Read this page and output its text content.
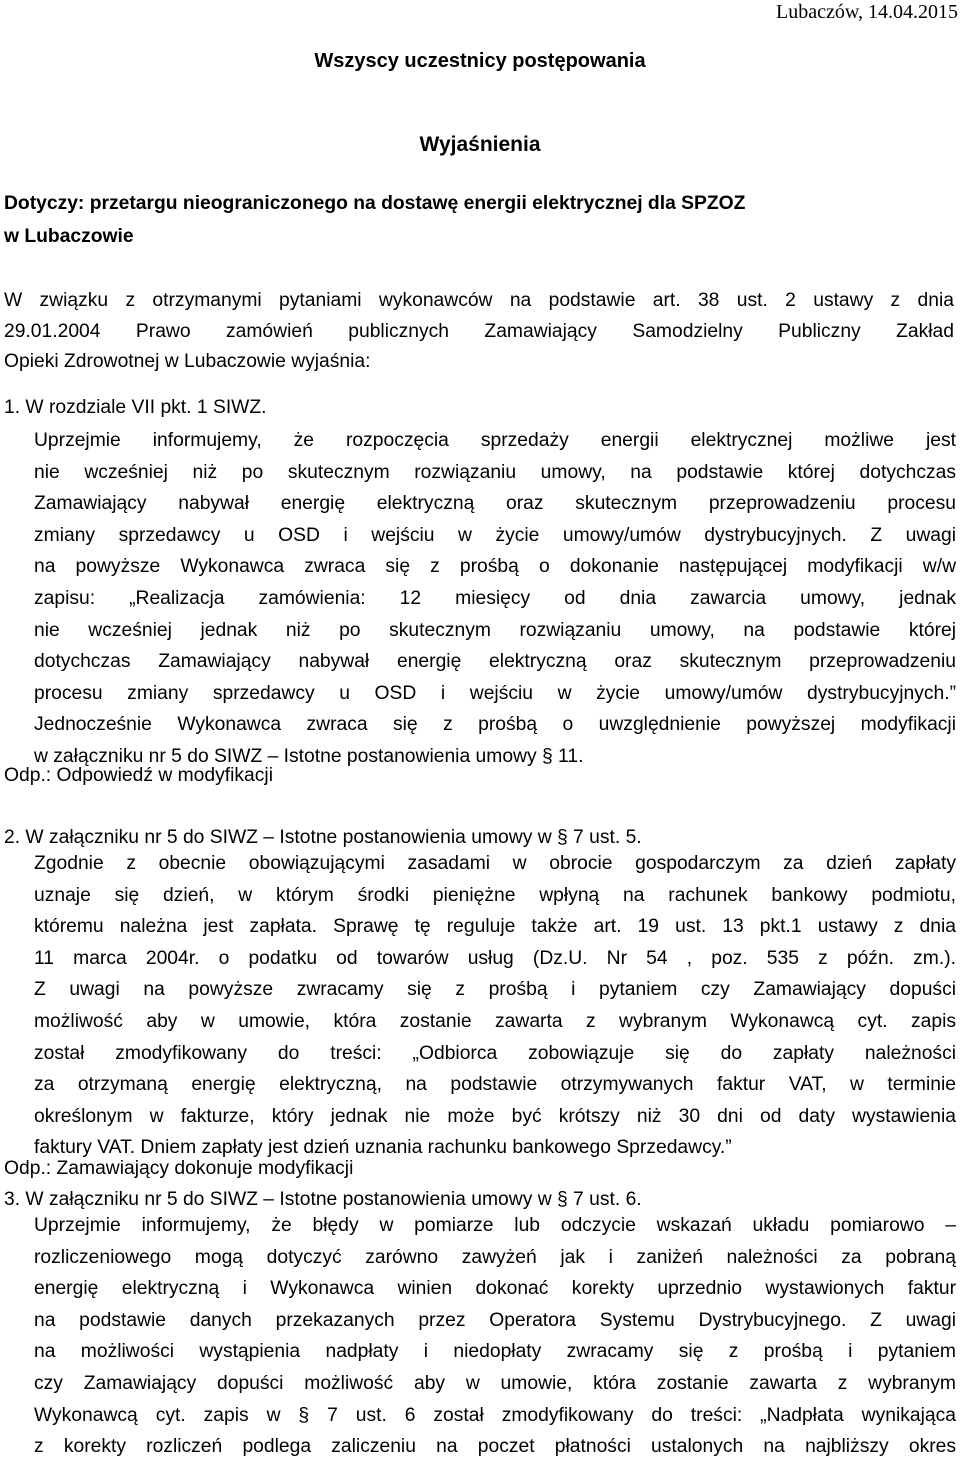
Lubaczów, 14.04.2015
Wszyscy uczestnicy postępowania
Wyjaśnienia
Dotyczy: przetargu nieograniczonego na dostawę energii elektrycznej dla SPZOZ
w Lubaczowie
W związku z otrzymanymi pytaniami wykonawców na podstawie art. 38 ust. 2 ustawy z dnia
29.01.2004 Prawo zamówień publicznych Zamawiający Samodzielny Publiczny Zakład
Opieki Zdrowotnej w Lubaczowie wyjaśnia:
1. W rozdziale VII pkt. 1 SIWZ.
Uprzejmie informujemy, że rozpoczęcia sprzedaży energii elektrycznej możliwe jest
nie wcześniej niż po skutecznym rozwiązaniu umowy, na podstawie której dotychczas
Zamawiający nabywał energię elektryczną oraz skutecznym przeprowadzeniu procesu
zmiany sprzedawcy u OSD i wejściu w życie umowy/umów dystrybucyjnych. Z uwagi
na powyższe Wykonawca zwraca się z prośbą o dokonanie następującej modyfikacji w/w
zapisu: „Realizacja zamówienia: 12 miesięcy od dnia zawarcia umowy, jednak
nie wcześniej jednak niż po skutecznym rozwiązaniu umowy, na podstawie której
dotychczas Zamawiający nabywał energię elektryczną oraz skutecznym przeprowadzeniu
procesu zmiany sprzedawcy u OSD i wejściu w życie umowy/umów dystrybucyjnych.”
Jednocześnie Wykonawca zwraca się z prośbą o uwzględnienie powyższej modyfikacji
w załączniku nr 5 do SIWZ – Istotne postanowienia umowy § 11.
Odp.: Odpowiedź w modyfikacji
2. W załączniku nr 5 do SIWZ – Istotne postanowienia umowy w § 7 ust. 5.
Zgodnie z obecnie obowiązującymi zasadami w obrocie gospodarczym za dzień zapłaty
uznaje się dzień, w którym środki pieniężne wpłyną na rachunek bankowy podmiotu,
któremu należna jest zapłata. Sprawę tę reguluje także art. 19 ust. 13 pkt.1 ustawy z dnia
11 marca 2004r. o podatku od towarów usług (Dz.U. Nr 54 , poz. 535 z późn. zm.).
Z uwagi na powyższe zwracamy się z prośbą i pytaniem czy Zamawiający dopuści
możliwość aby w umowie, która zostanie zawarta z wybranym Wykonawcą cyt. zapis
został zmodyfikowany do treści: „Odbiorca zobowiązuje się do zapłaty należności
za otrzymaną energię elektryczną, na podstawie otrzymywanych faktur VAT, w terminie
określonym w fakturze, który jednak nie może być krótszy niż 30 dni od daty wystawienia
faktury VAT. Dniem zapłaty jest dzień uznania rachunku bankowego Sprzedawcy.”
Odp.: Zamawiający dokonuje modyfikacji
3. W załączniku nr 5 do SIWZ – Istotne postanowienia umowy w § 7 ust. 6.
Uprzejmie informujemy, że błędy w pomiarze lub odczycie wskazań układu pomiarowo –
rozliczeniowego mogą dotyczyć zarówno zawyżeń jak i zaniżeń należności za pobraną
energię elektryczną i Wykonawca winien dokonać korekty uprzednio wystawionych faktur
na podstawie danych przekazanych przez Operatora Systemu Dystrybucyjnego. Z uwagi
na możliwości wystąpienia nadpłaty i niedopłaty zwracamy się z prośbą i pytaniem
czy Zamawiający dopuści możliwość aby w umowie, która zostanie zawarta z wybranym
Wykonawcą cyt. zapis w § 7 ust. 6 został zmodyfikowany do treści: „Nadpłata wynikająca
z korekty rozliczeń podlega zaliczeniu na poczet płatności ustalonych na najbliższy okres
